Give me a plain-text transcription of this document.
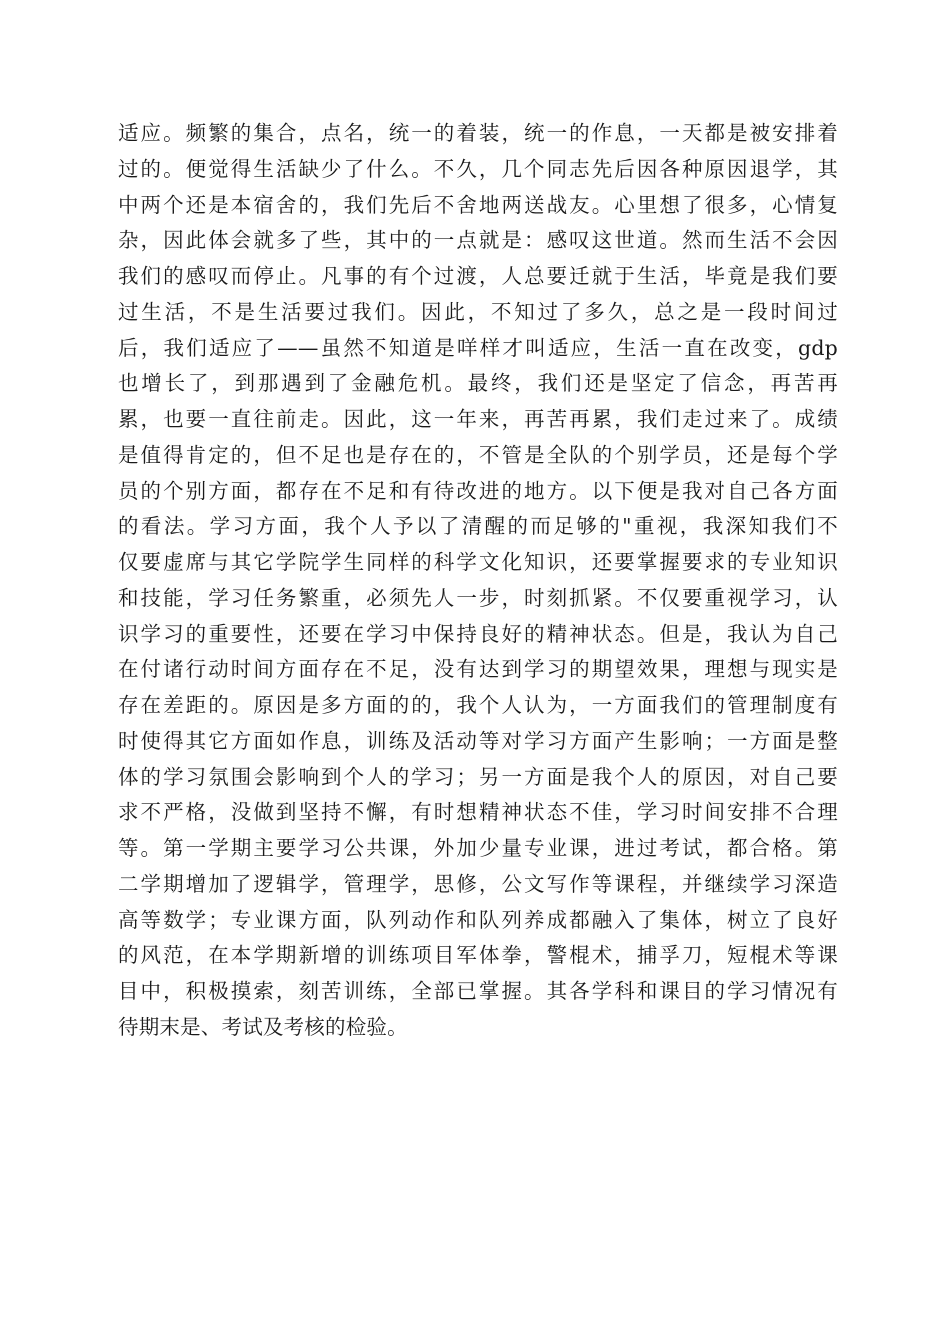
适应。频繁的集合，点名，统一的着装，统一的作息，一天都是被安排着
过的。便觉得生活缺少了什么。不久，几个同志先后因各种原因退学，其
中两个还是本宿舍的，我们先后不舍地两送战友。心里想了很多，心情复
杂，因此体会就多了些，其中的一点就是：感叹这世道。然而生活不会因
我们的感叹而停止。凡事的有个过渡，人总要迁就于生活，毕竟是我们要
过生活，不是生活要过我们。因此，不知过了多久，总之是一段时间过
后，我们适应了——虽然不知道是咩样才叫适应，生活一直在改变，gdp
也增长了，到那遇到了金融危机。最终，我们还是坚定了信念，再苦再
累，也要一直往前走。因此，这一年来，再苦再累，我们走过来了。成绩
是值得肯定的，但不足也是存在的，不管是全队的个别学员，还是每个学
员的个别方面，都存在不足和有待改进的地方。以下便是我对自己各方面
的看法。学习方面，我个人予以了清醒的而足够的"重视，我深知我们不
仅要虚席与其它学院学生同样的科学文化知识，还要掌握要求的专业知识
和技能，学习任务繁重，必须先人一步，时刻抓紧。不仅要重视学习，认
识学习的重要性，还要在学习中保持良好的精神状态。但是，我认为自己
在付诸行动时间方面存在不足，没有达到学习的期望效果，理想与现实是
存在差距的。原因是多方面的的，我个人认为，一方面我们的管理制度有
时使得其它方面如作息，训练及活动等对学习方面产生影响；一方面是整
体的学习氛围会影响到个人的学习；另一方面是我个人的原因，对自己要
求不严格，没做到坚持不懈，有时想精神状态不佳，学习时间安排不合理
等。第一学期主要学习公共课，外加少量专业课，进过考试，都合格。第
二学期增加了逻辑学，管理学，思修，公文写作等课程，并继续学习深造
高等数学；专业课方面，队列动作和队列养成都融入了集体，树立了良好
的风范，在本学期新增的训练项目军体拳，警棍术，捕孚刀，短棍术等课
目中，积极摸索，刻苦训练，全部已掌握。其各学科和课目的学习情况有
待期末是、考试及考核的检验。
